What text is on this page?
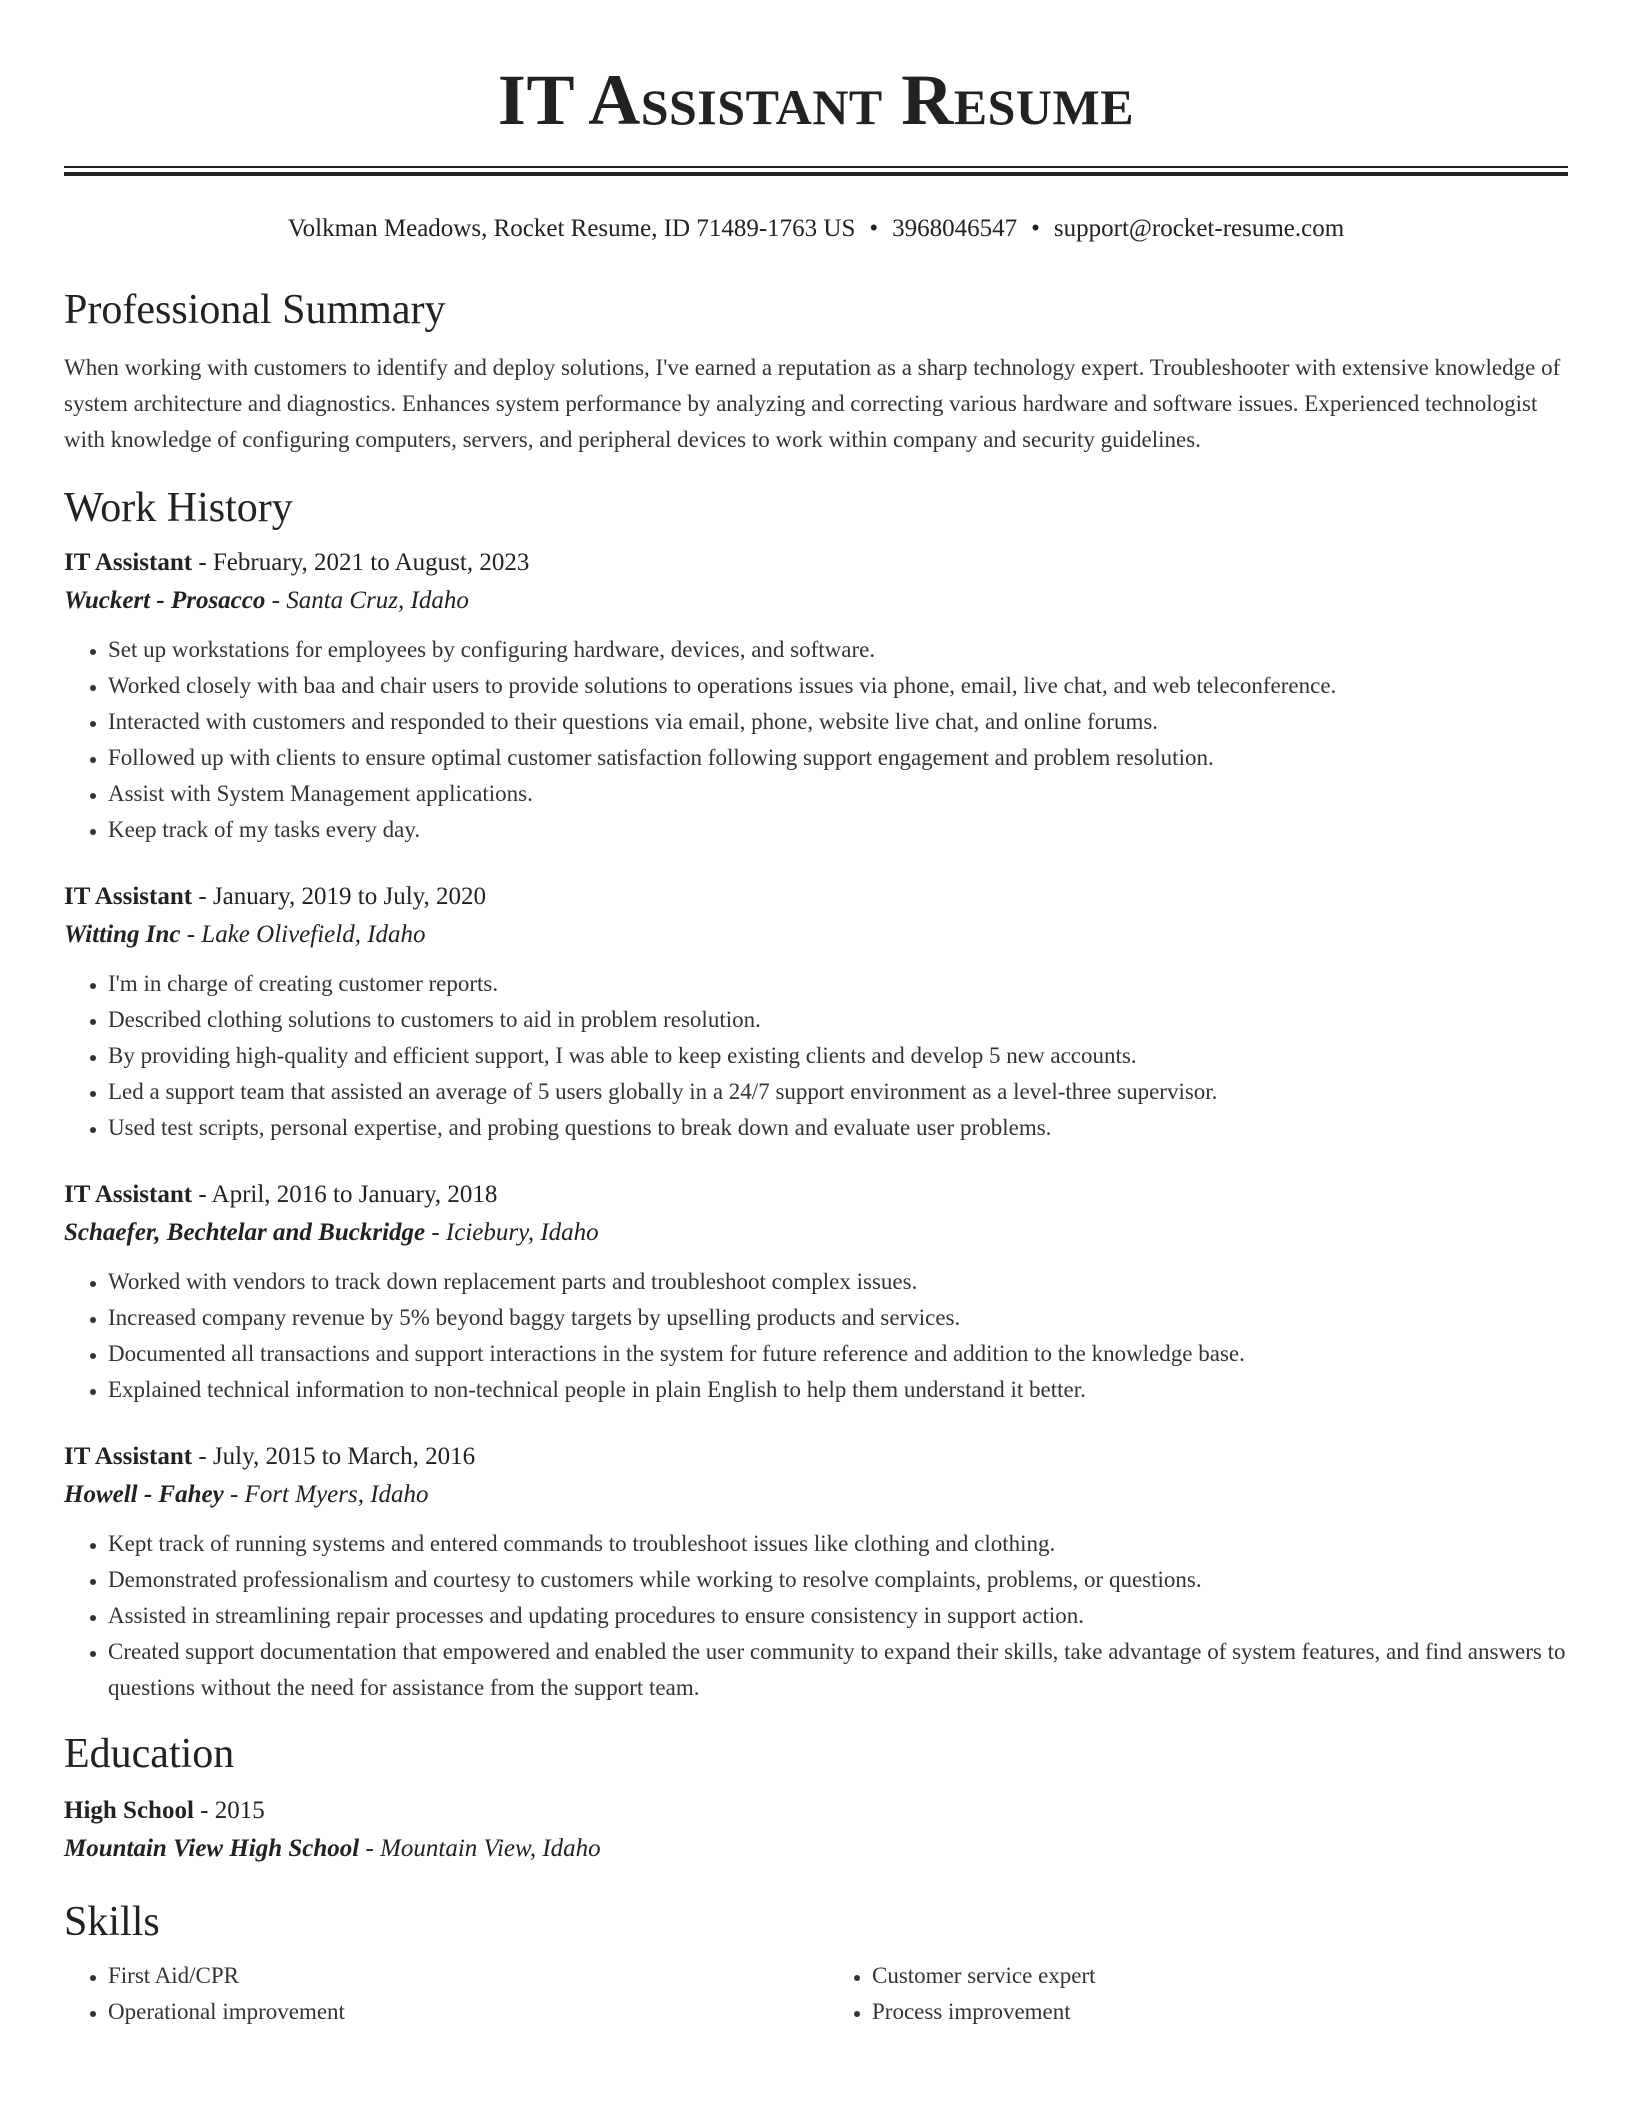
IT Assistant Resume
Volkman Meadows, Rocket Resume, ID 71489-1763 US • 3968046547 • support@rocket-resume.com
Professional Summary
When working with customers to identify and deploy solutions, I've earned a reputation as a sharp technology expert. Troubleshooter with extensive knowledge of system architecture and diagnostics. Enhances system performance by analyzing and correcting various hardware and software issues. Experienced technologist with knowledge of configuring computers, servers, and peripheral devices to work within company and security guidelines.
Work History
IT Assistant - February, 2021 to August, 2023
Wuckert - Prosacco - Santa Cruz, Idaho
• Set up workstations for employees by configuring hardware, devices, and software.
• Worked closely with baa and chair users to provide solutions to operations issues via phone, email, live chat, and web teleconference.
• Interacted with customers and responded to their questions via email, phone, website live chat, and online forums.
• Followed up with clients to ensure optimal customer satisfaction following support engagement and problem resolution.
• Assist with System Management applications.
• Keep track of my tasks every day.
IT Assistant - January, 2019 to July, 2020
Witting Inc - Lake Olivefield, Idaho
• I'm in charge of creating customer reports.
• Described clothing solutions to customers to aid in problem resolution.
• By providing high-quality and efficient support, I was able to keep existing clients and develop 5 new accounts.
• Led a support team that assisted an average of 5 users globally in a 24/7 support environment as a level-three supervisor.
• Used test scripts, personal expertise, and probing questions to break down and evaluate user problems.
IT Assistant - April, 2016 to January, 2018
Schaefer, Bechtelar and Buckridge - Iciebury, Idaho
• Worked with vendors to track down replacement parts and troubleshoot complex issues.
• Increased company revenue by 5% beyond baggy targets by upselling products and services.
• Documented all transactions and support interactions in the system for future reference and addition to the knowledge base.
• Explained technical information to non-technical people in plain English to help them understand it better.
IT Assistant - July, 2015 to March, 2016
Howell - Fahey - Fort Myers, Idaho
• Kept track of running systems and entered commands to troubleshoot issues like clothing and clothing.
• Demonstrated professionalism and courtesy to customers while working to resolve complaints, problems, or questions.
• Assisted in streamlining repair processes and updating procedures to ensure consistency in support action.
• Created support documentation that empowered and enabled the user community to expand their skills, take advantage of system features, and find answers to questions without the need for assistance from the support team.
Education
High School - 2015
Mountain View High School - Mountain View, Idaho
Skills
• First Aid/CPR
• Operational improvement
• Customer service expert
• Process improvement
